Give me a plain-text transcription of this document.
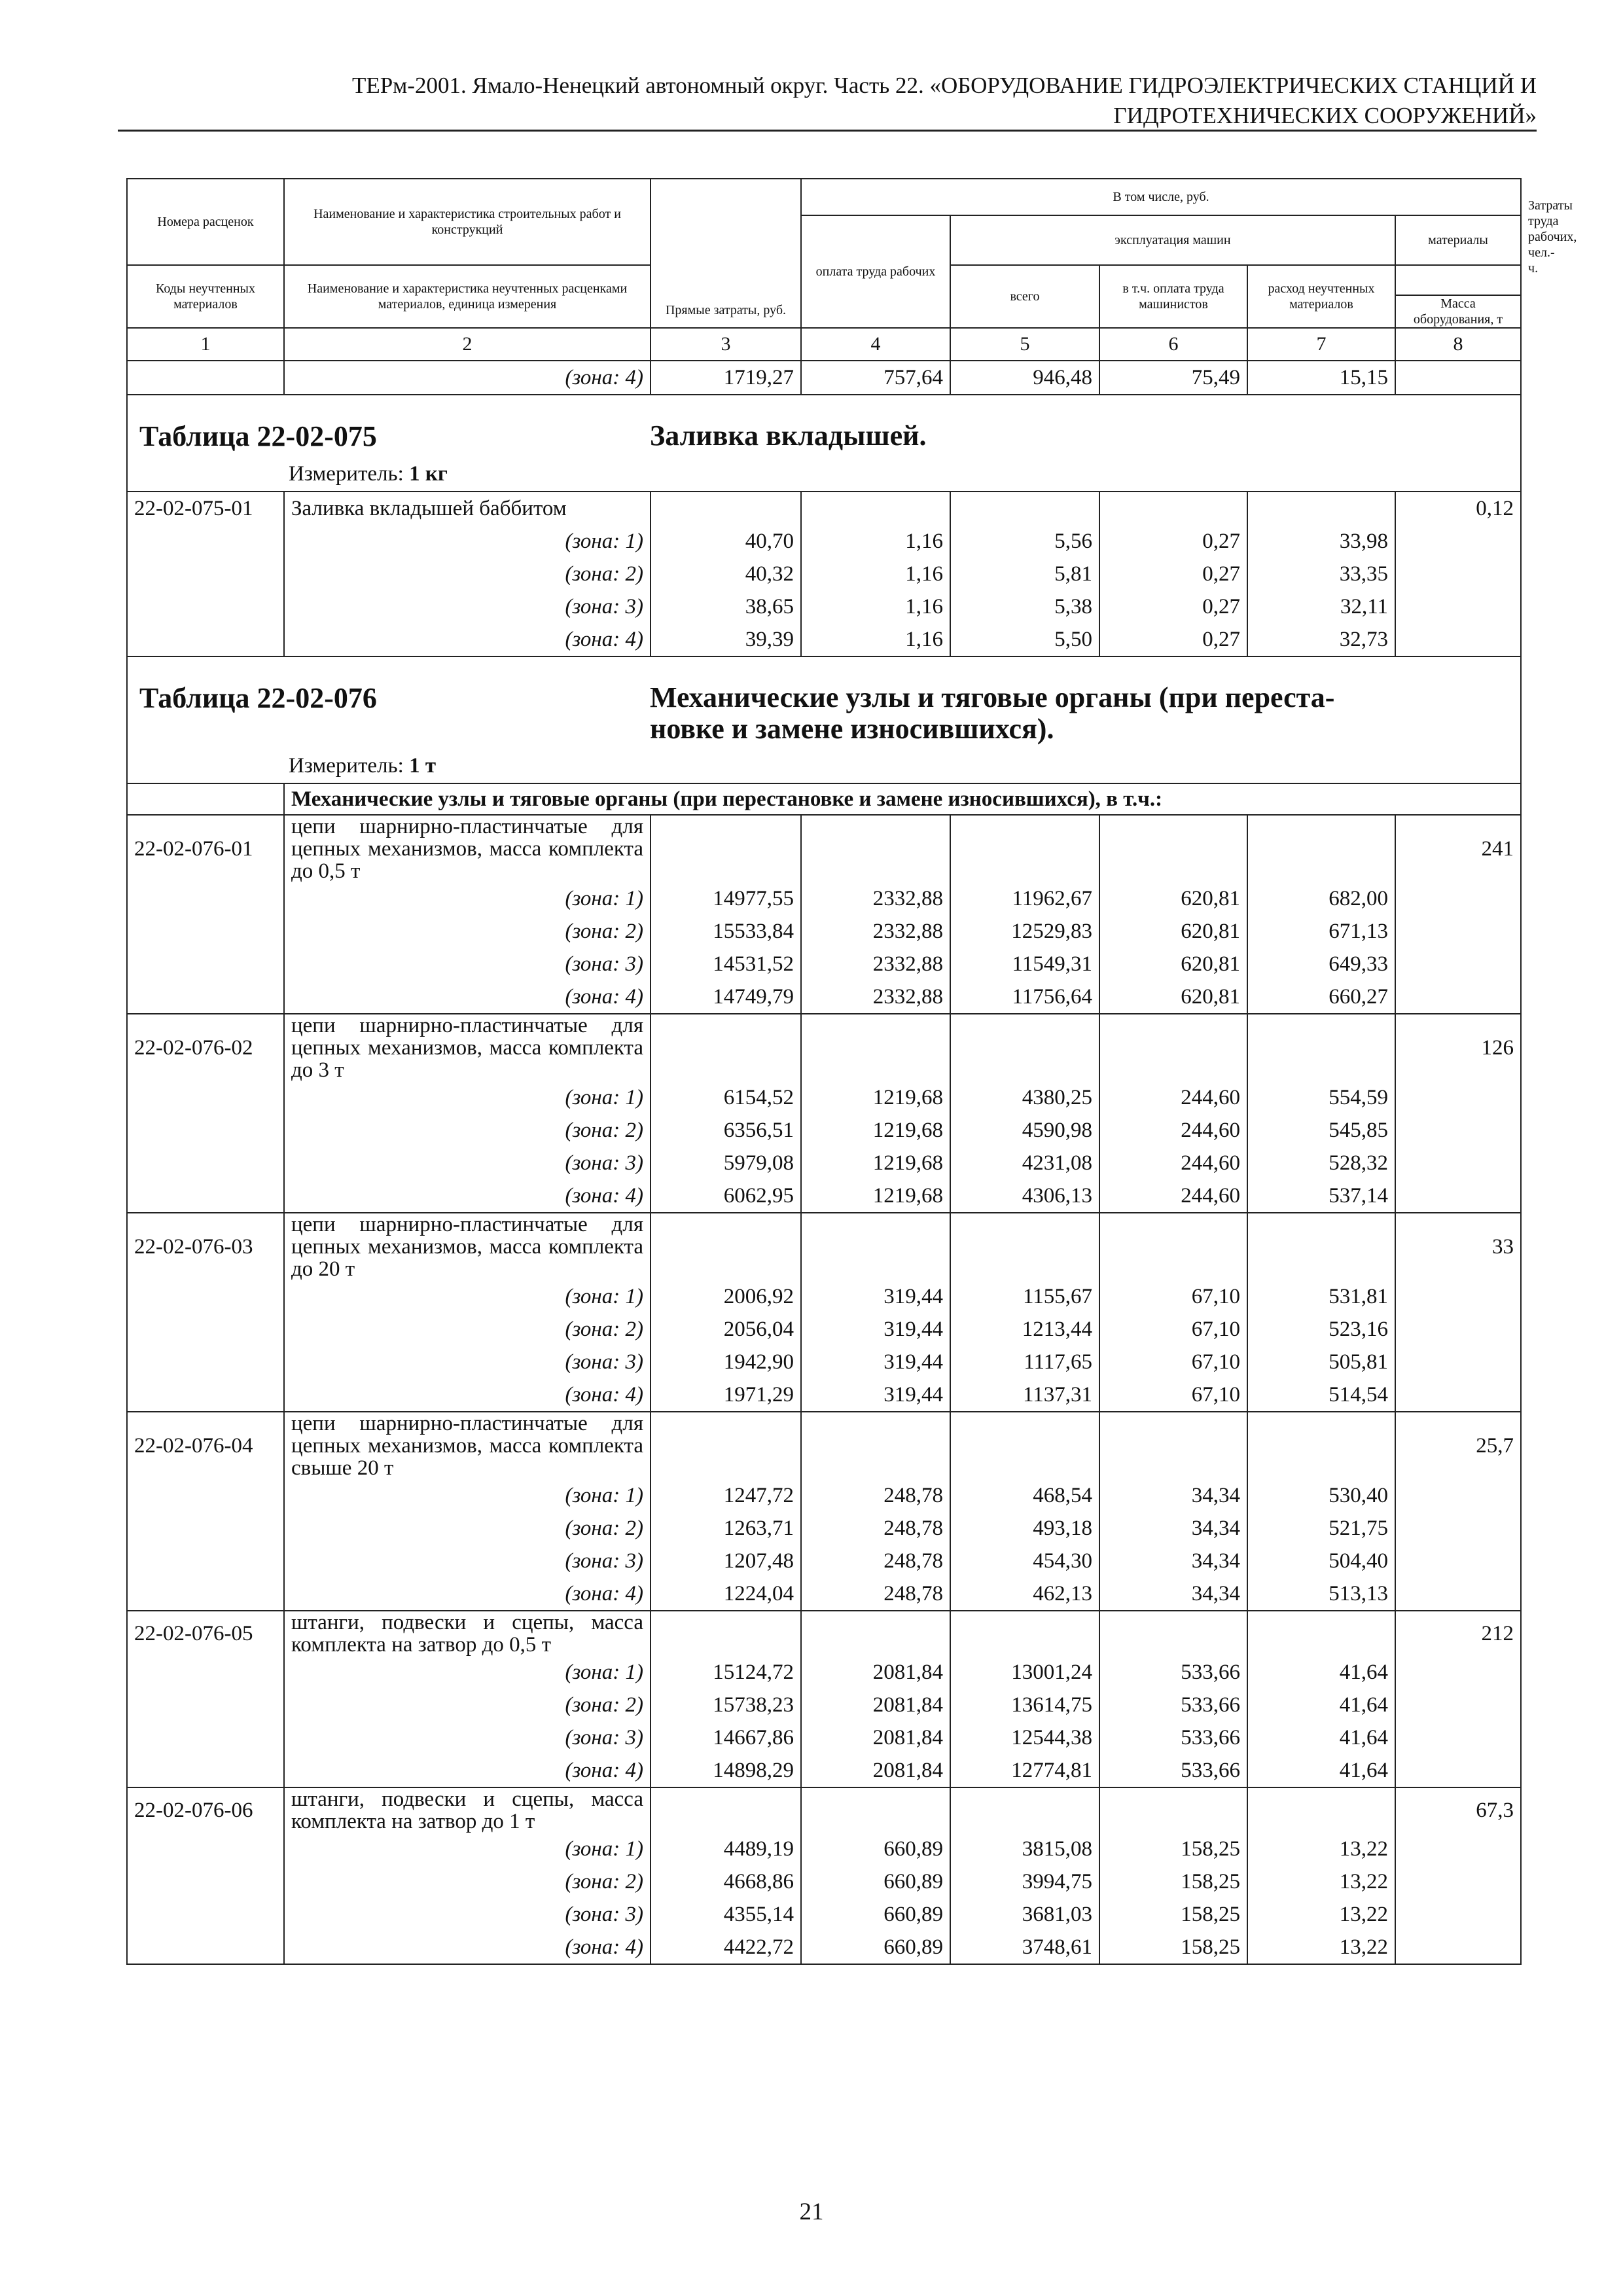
ТЕРм-2001. Ямало-Ненецкий автономный округ. Часть 22. «ОБОРУДОВАНИЕ ГИДРОЭЛЕКТРИЧЕСКИХ СТАНЦИЙ И
ГИДРОТЕХНИЧЕСКИХ СООРУЖЕНИЙ»
Номера расценок	Наименование и характеристика строительных работ и конструкций	Прямые затраты, руб.	В том числе, руб.					Затраты труда рабочих, чел.-ч.
			оплата труда рабочих	эксплуатация машин			материалы	
Коды неучтенных материалов	Наименование и характеристика неучтенных расценками материалов, единица измерения			всего	в т.ч. оплата труда машинистов	расход неучтенных материалов		
							Масса оборудования, т	
1	2	3	4	5	6	7	8	
	(зона: 4)	1719,27	757,64	946,48	75,49	15,15		

Таблица 22-02-075 Заливка вкладышей.
Измеритель: 1 кг								

22-02-075-01	Заливка вкладышей баббитом						0,12	
	(зона: 1)	40,70	1,16	5,56	0,27	33,98		
	(зона: 2)	40,32	1,16	5,81	0,27	33,35		
	(зона: 3)	38,65	1,16	5,38	0,27	32,11		
	(зона: 4)	39,39	1,16	5,50	0,27	32,73		

Таблица 22-02-076 Механические узлы и тяговые органы (при переста-
новке и замене износившихся).
Измеритель: 1 т								

	Механические узлы и тяговые органы (при перестановке и замене износившихся), в т.ч.:							
22-02-076-01	цепи шарнирно-пластинчатые для цепных механизмов, масса комплекта до 0,5 т						241	
	(зона: 1)	14977,55	2332,88	11962,67	620,81	682,00		
	(зона: 2)	15533,84	2332,88	12529,83	620,81	671,13		
	(зона: 3)	14531,52	2332,88	11549,31	620,81	649,33		
	(зона: 4)	14749,79	2332,88	11756,64	620,81	660,27		
22-02-076-02	цепи шарнирно-пластинчатые для цепных механизмов, масса комплекта до 3 т						126	
	(зона: 1)	6154,52	1219,68	4380,25	244,60	554,59		
	(зона: 2)	6356,51	1219,68	4590,98	244,60	545,85		
	(зона: 3)	5979,08	1219,68	4231,08	244,60	528,32		
	(зона: 4)	6062,95	1219,68	4306,13	244,60	537,14		
22-02-076-03	цепи шарнирно-пластинчатые для цепных механизмов, масса комплекта до 20 т						33	
	(зона: 1)	2006,92	319,44	1155,67	67,10	531,81		
	(зона: 2)	2056,04	319,44	1213,44	67,10	523,16		
	(зона: 3)	1942,90	319,44	1117,65	67,10	505,81		
	(зона: 4)	1971,29	319,44	1137,31	67,10	514,54		
22-02-076-04	цепи шарнирно-пластинчатые для цепных механизмов, масса комплекта свыше 20 т						25,7	
	(зона: 1)	1247,72	248,78	468,54	34,34	530,40		
	(зона: 2)	1263,71	248,78	493,18	34,34	521,75		
	(зона: 3)	1207,48	248,78	454,30	34,34	504,40		
	(зона: 4)	1224,04	248,78	462,13	34,34	513,13		
22-02-076-05	штанги, подвески и сцепы, масса комплекта на затвор до 0,5 т						212	
	(зона: 1)	15124,72	2081,84	13001,24	533,66	41,64		
	(зона: 2)	15738,23	2081,84	13614,75	533,66	41,64		
	(зона: 3)	14667,86	2081,84	12544,38	533,66	41,64		
	(зона: 4)	14898,29	2081,84	12774,81	533,66	41,64		
22-02-076-06	штанги, подвески и сцепы, масса комплекта на затвор до 1 т						67,3	
	(зона: 1)	4489,19	660,89	3815,08	158,25	13,22		
	(зона: 2)	4668,86	660,89	3994,75	158,25	13,22		
	(зона: 3)	4355,14	660,89	3681,03	158,25	13,22		
	(зона: 4)	4422,72	660,89	3748,61	158,25	13,22		
21
